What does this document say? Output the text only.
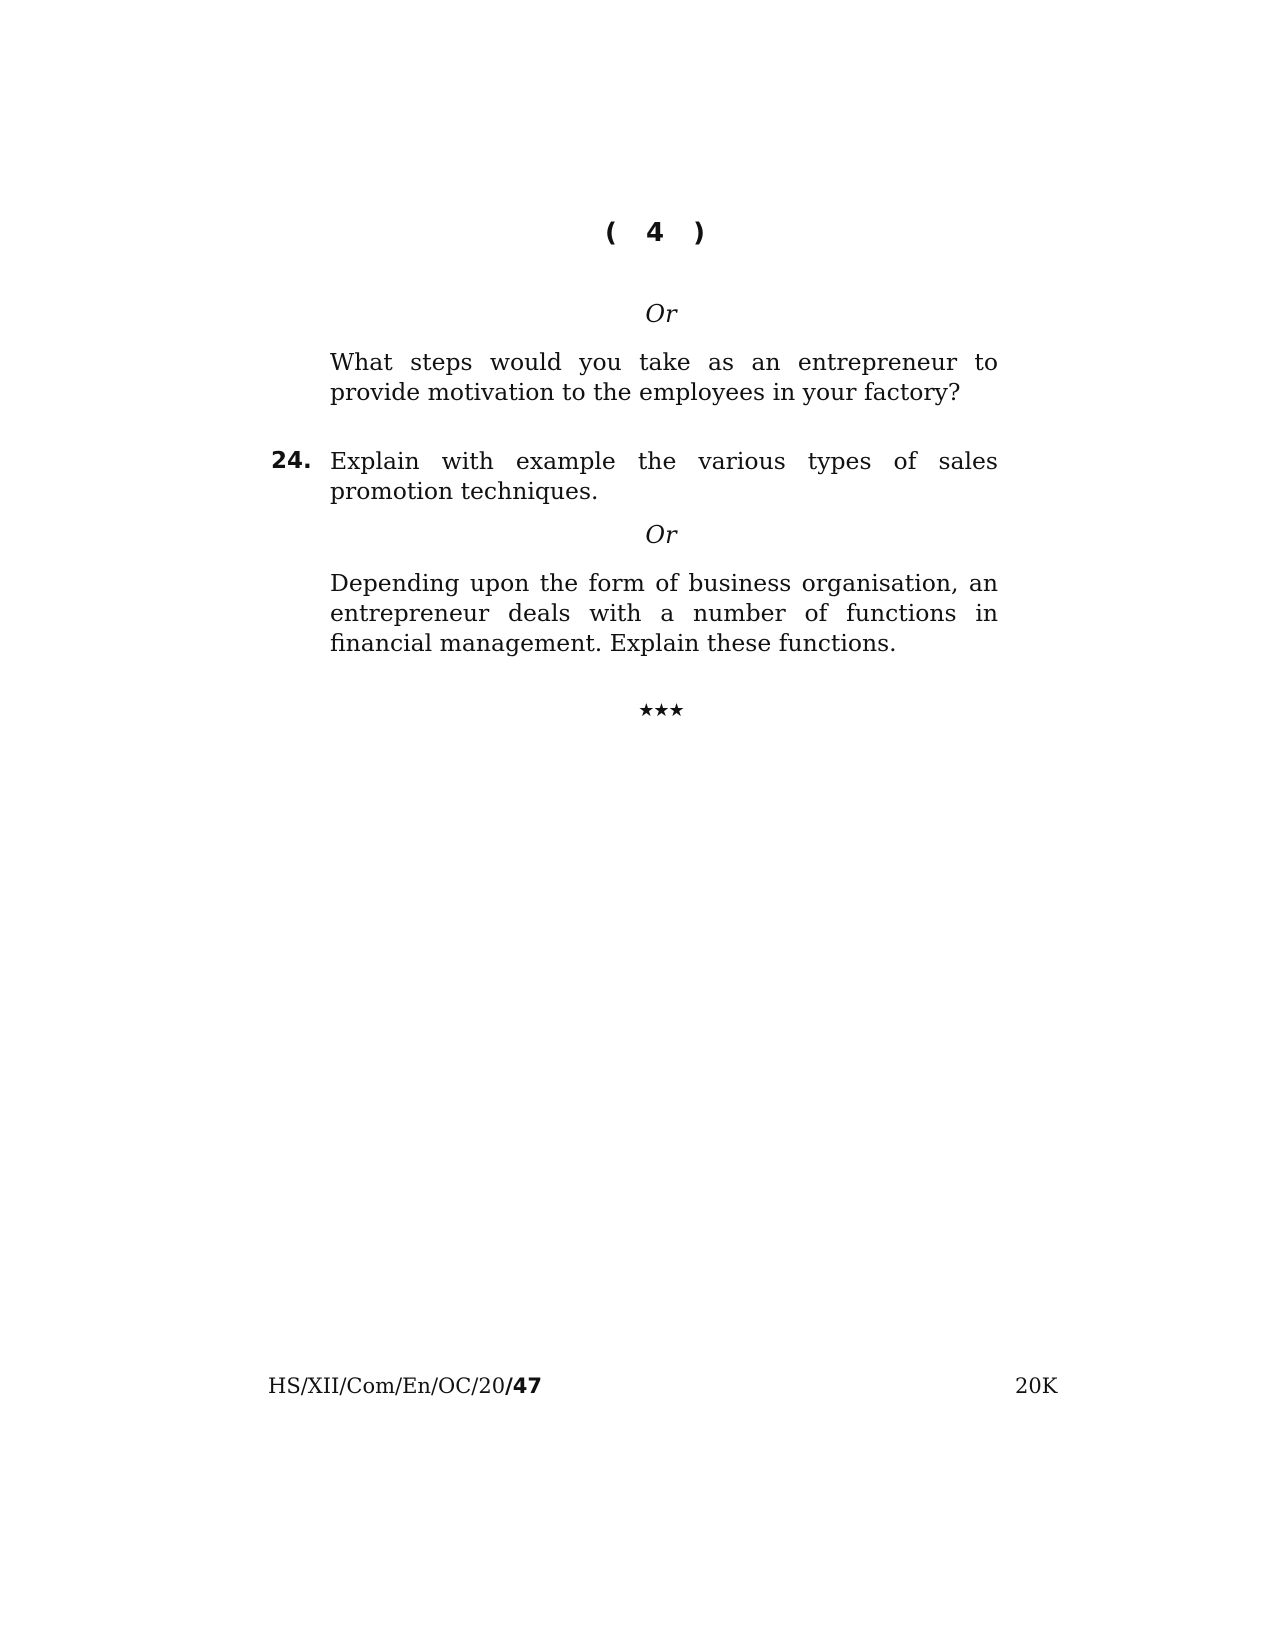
( 4 )
Or
What steps would you take as an entrepreneur to provide motivation to the employees in your factory?
24. Explain with example the various types of sales promotion techniques.
Or
Depending upon the form of business organisation, an entrepreneur deals with a number of functions in financial management. Explain these functions.
★★★
HS/XII/Com/En/OC/20/47	20K
